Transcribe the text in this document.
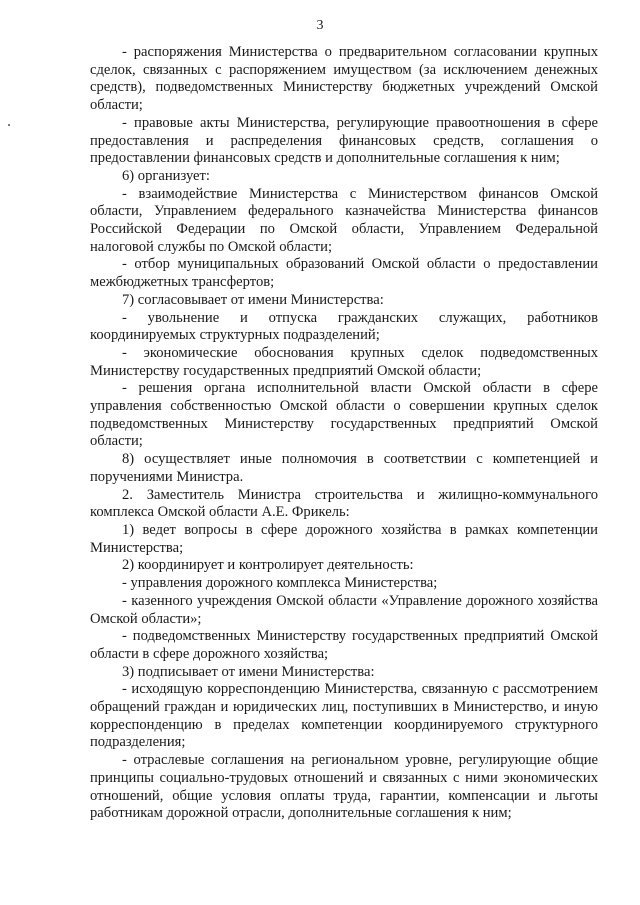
3

- распоряжения Министерства о предварительном согласовании крупных сделок, связанных с распоряжением имуществом (за исключением денежных средств), подведомственных Министерству бюджетных учреждений Омской области;

- правовые акты Министерства, регулирующие правоотношения в сфере предоставления и распределения финансовых средств, соглашения о предоставлении финансовых средств и дополнительные соглашения к ним;

6) организует:

- взаимодействие Министерства с Министерством финансов Омской области, Управлением федерального казначейства Министерства финансов Российской Федерации по Омской области, Управлением Федеральной налоговой службы по Омской области;

- отбор муниципальных образований Омской области о предоставлении межбюджетных трансфертов;

7) согласовывает от имени Министерства:

- увольнение и отпуска гражданских служащих, работников координируемых структурных подразделений;

- экономические обоснования крупных сделок подведомственных Министерству государственных предприятий Омской области;

- решения органа исполнительной власти Омской области в сфере управления собственностью Омской области о совершении крупных сделок подведомственных Министерству государственных предприятий Омской области;

8) осуществляет иные полномочия в соответствии с компетенцией и поручениями Министра.

2. Заместитель Министра строительства и жилищно-коммунального комплекса Омской области А.Е. Фрикель:

1) ведет вопросы в сфере дорожного хозяйства в рамках компетенции Министерства;

2) координирует и контролирует деятельность:

- управления дорожного комплекса Министерства;

- казенного учреждения Омской области «Управление дорожного хозяйства Омской области»;

- подведомственных Министерству государственных предприятий Омской области в сфере дорожного хозяйства;

3) подписывает от имени Министерства:

- исходящую корреспонденцию Министерства, связанную с рассмотрением обращений граждан и юридических лиц, поступивших в Министерство, и иную корреспонденцию в пределах компетенции координируемого структурного подразделения;

- отраслевые соглашения на региональном уровне, регулирующие общие принципы социально-трудовых отношений и связанных с ними экономических отношений, общие условия оплаты труда, гарантии, компенсации и льготы работникам дорожной отрасли, дополнительные соглашения к ним;
